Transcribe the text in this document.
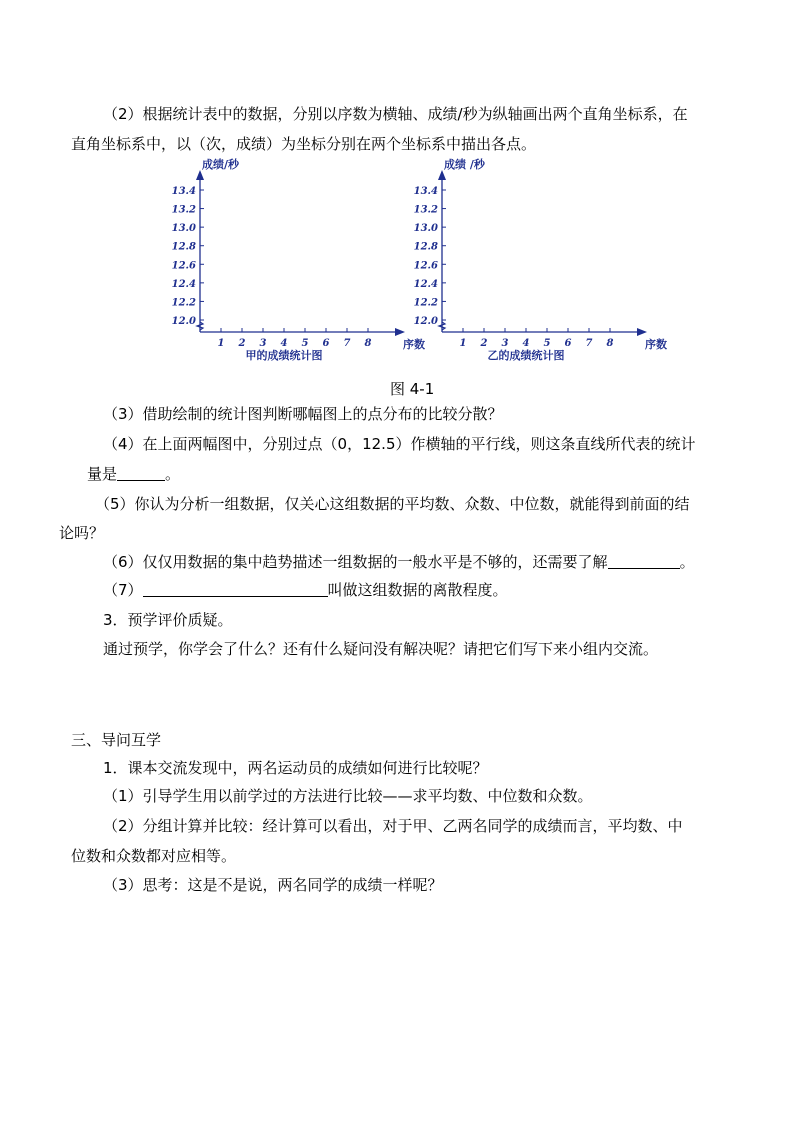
（2）根据统计表中的数据，分别以序数为横轴、成绩/秒为纵轴画出两个直角坐标系，在
直角坐标系中，以（次，成绩）为坐标分别在两个坐标系中描出各点。
成绩/秒
12.0
12.2
12.4
12.6
12.8
13.0
13.2
13.4
1 2 3 4 5 6 7 8	序数
甲的成绩统计图
成绩 /秒
12.0
12.2
12.4
12.6
12.8
13.0
13.2
13.4
1 2 3 4 5 6 7 8	序数
乙的成绩统计图
图 4-1
（3）借助绘制的统计图判断哪幅图上的点分布的比较分散？
（4）在上面两幅图中，分别过点（0，12.5）作横轴的平行线，则这条直线所代表的统计
量是	。
（5）你认为分析一组数据，仅关心这组数据的平均数、众数、中位数，就能得到前面的结
论吗？
（6）仅仅用数据的集中趋势描述一组数据的一般水平是不够的，还需要了解	。
（7）	叫做这组数据的离散程度。
3．预学评价质疑。
通过预学，你学会了什么？还有什么疑问没有解决呢？请把它们写下来小组内交流。
三、导问互学
1．课本交流发现中，两名运动员的成绩如何进行比较呢？
（1）引导学生用以前学过的方法进行比较——求平均数、中位数和众数。
（2）分组计算并比较：经计算可以看出，对于甲、乙两名同学的成绩而言，平均数、中
位数和众数都对应相等。
（3）思考：这是不是说，两名同学的成绩一样呢？
